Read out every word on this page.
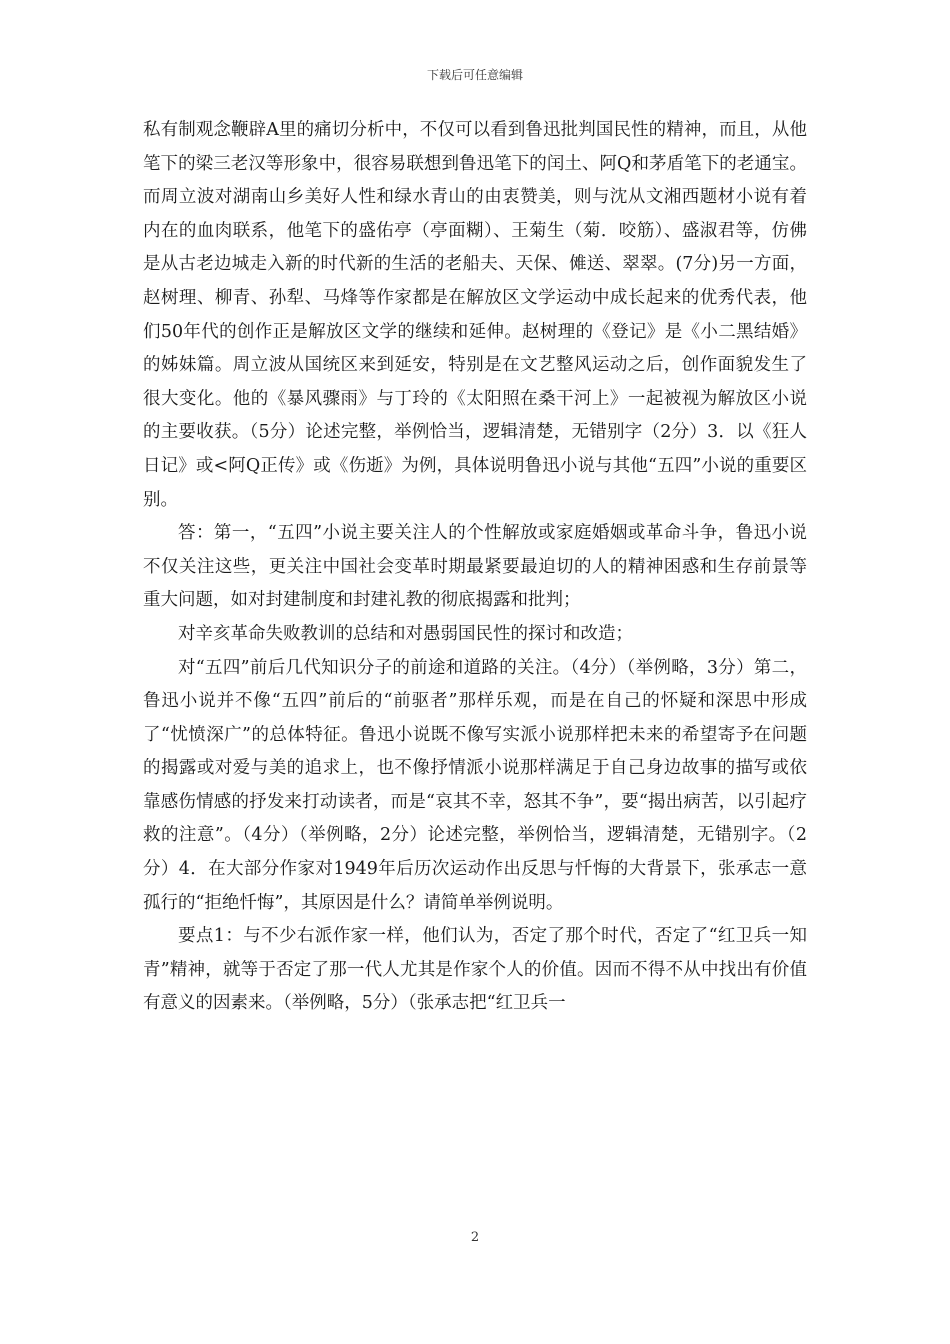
下载后可任意编辑

私有制观念鞭辟A里的痛切分析中，不仅可以看到鲁迅批判国民性的精神，而且，从他笔下的梁三老汉等形象中，很容易联想到鲁迅笔下的闰土、阿Q和茅盾笔下的老通宝。而周立波对湖南山乡美好人性和绿水青山的由衷赞美，则与沈从文湘西题材小说有着内在的血肉联系，他笔下的盛佑亭（亭面糊）、王菊生（菊．咬筋）、盛淑君等，仿佛是从古老边城走入新的时代新的生活的老船夫、天保、傩送、翠翠。(7分)另一方面，赵树理、柳青、孙犁、马烽等作家都是在解放区文学运动中成长起来的优秀代表，他们50年代的创作正是解放区文学的继续和延伸。赵树理的《登记》是《小二黑结婚》的姊妹篇。周立波从国统区来到延安，特别是在文艺整风运动之后，创作面貌发生了很大变化。他的《暴风骤雨》与丁玲的《太阳照在桑干河上》一起被视为解放区小说的主要收获。（5分）论述完整，举例恰当，逻辑清楚，无错别字（2分）3．以《狂人日记》或<阿Q正传》或《伤逝》为例，具体说明鲁迅小说与其他“五四”小说的重要区别。

答：第一，“五四”小说主要关注人的个性解放或家庭婚姻或革命斗争，鲁迅小说不仅关注这些，更关注中国社会变革时期最紧要最迫切的人的精神困惑和生存前景等重大问题，如对封建制度和封建礼教的彻底揭露和批判；

对辛亥革命失败教训的总结和对愚弱国民性的探讨和改造；

对“五四”前后几代知识分子的前途和道路的关注。（4分）（举例略，3分）第二，鲁迅小说并不像“五四”前后的“前驱者”那样乐观，而是在自己的怀疑和深思中形成了“忧愤深广”的总体特征。鲁迅小说既不像写实派小说那样把未来的希望寄予在问题的揭露或对爱与美的追求上，也不像抒情派小说那样满足于自己身边故事的描写或依靠感伤情感的抒发来打动读者，而是“哀其不幸，怒其不争”，要“揭出病苦，以引起疗救的注意”。（4分）（举例略，2分）论述完整，举例恰当，逻辑清楚，无错别字。（2分）4．在大部分作家对1949年后历次运动作出反思与忏悔的大背景下，张承志一意孤行的“拒绝忏悔”，其原因是什么？请简单举例说明。

要点1：与不少右派作家一样，他们认为，否定了那个时代，否定了“红卫兵一知青”精神，就等于否定了那一代人尤其是作家个人的价值。因而不得不从中找出有价值有意义的因素来。（举例略，5分）（张承志把“红卫兵一

2
